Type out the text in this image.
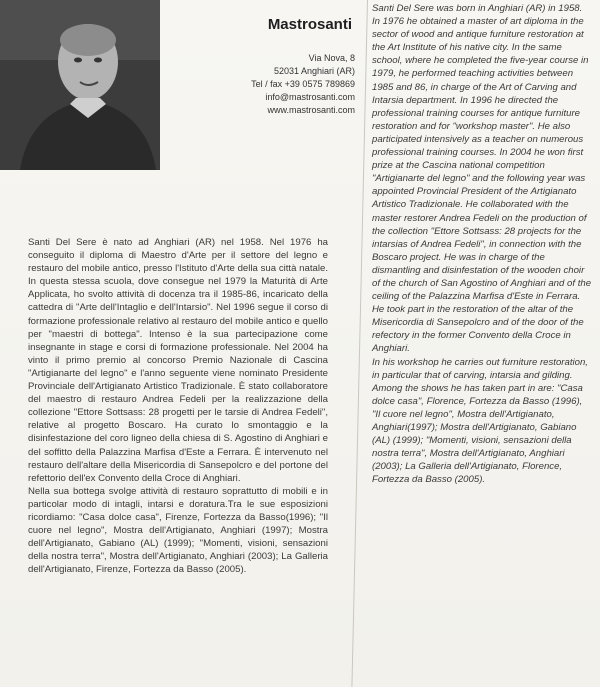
Mastrosanti
Via Nova, 8
52031 Anghiari (AR)
Tel / fax +39 0575 789869
info@mastrosanti.com
www.mastrosanti.com

Santi Del Sere è nato ad Anghiari (AR) nel 1958. Nel 1976 ha conseguito il diploma di Maestro d'Arte per il settore del legno e restauro del mobile antico, presso l'Istituto d'Arte della sua città natale. In questa stessa scuola, dove consegue nel 1979 la Maturità di Arte Applicata, ho svolto attività di docenza tra il 1985-86, incaricato della cattedra di "Arte dell'Intaglio e dell'Intarsio". Nel 1996 segue il corso di formazione professionale relativo al restauro del mobile antico e quello per "maestri di bottega". Intenso è la sua partecipazione come insegnante in stage e corsi di formazione professionale. Nel 2004 ha vinto il primo premio al concorso Premio Nazionale di Cascina "Artigianarte del legno" e l'anno seguente viene nominato Presidente Provinciale dell'Artigianato Artistico Tradizionale. È stato collaboratore del maestro di restauro Andrea Fedeli per la realizzazione della collezione "Ettore Sottsass: 28 progetti per le tarsie di Andrea Fedeli", relative al progetto Boscaro. Ha curato lo smontaggio e la disinfestazione del coro ligneo della chiesa di S. Agostino di Anghiari e del soffitto della Palazzina Marfisa d'Este a Ferrara. È intervenuto nel restauro dell'altare della Misericordia di Sansepolcro e del portone del refettorio dell'ex Convento della Croce di Anghiari.

Nella sua bottega svolge attività di restauro soprattutto di mobili e in particolar modo di intagli, intarsi e doratura.Tra le sue esposizioni ricordiamo: "Casa dolce casa", Firenze, Fortezza da Basso(1996); "Il cuore nel legno", Mostra dell'Artigianato, Anghiari (1997); Mostra dell'Artigianato, Gabiano (AL) (1999); "Momenti, visioni, sensazioni della nostra terra", Mostra dell'Artigianato, Anghiari (2003); La Galleria dell'Artigianato, Firenze, Fortezza da Basso (2005).

Santi Del Sere was born in Anghiari (AR) in 1958. In 1976 he obtained a master of art diploma in the sector of wood and antique furniture restoration at the Art Institute of his native city. In the same school, where he completed the five-year course in 1979, he performed teaching activities between 1985 and 86, in charge of the Art of Carving and Intarsia department. In 1996 he directed the professional training courses for antique furniture restoration and for "workshop master". He also participated intensively as a teacher on numerous professional training courses. In 2004 he won first prize at the Cascina national competition "Artigianarte del legno" and the following year was appointed Provincial President of the Artigianato Artistico Tradizionale. He collaborated with the master restorer Andrea Fedeli on the production of the collection "Ettore Sottsass: 28 projects for the intarsias of Andrea Fedeli", in connection with the Boscaro project. He was in charge of the dismantling and disinfestation of the wooden choir of the church of San Agostino of Anghiari and of the ceiling of the Palazzina Marfisa d'Este in Ferrara. He took part in the restoration of the altar of the Misericordia di Sansepolcro and of the door of the refectory in the former Convento della Croce in Anghiari.

In his workshop he carries out furniture restoration, in particular that of carving, intarsia and gilding. Among the shows he has taken part in are: "Casa dolce casa", Florence, Fortezza da Basso (1996), "Il cuore nel legno", Mostra dell'Artigianato, Anghiari(1997); Mostra dell'Artigianato, Gabiano (AL) (1999); "Momenti, visioni, sensazioni della nostra terra", Mostra dell'Artigianato, Anghiari (2003); La Galleria dell'Artigianato, Florence, Fortezza da Basso (2005).
